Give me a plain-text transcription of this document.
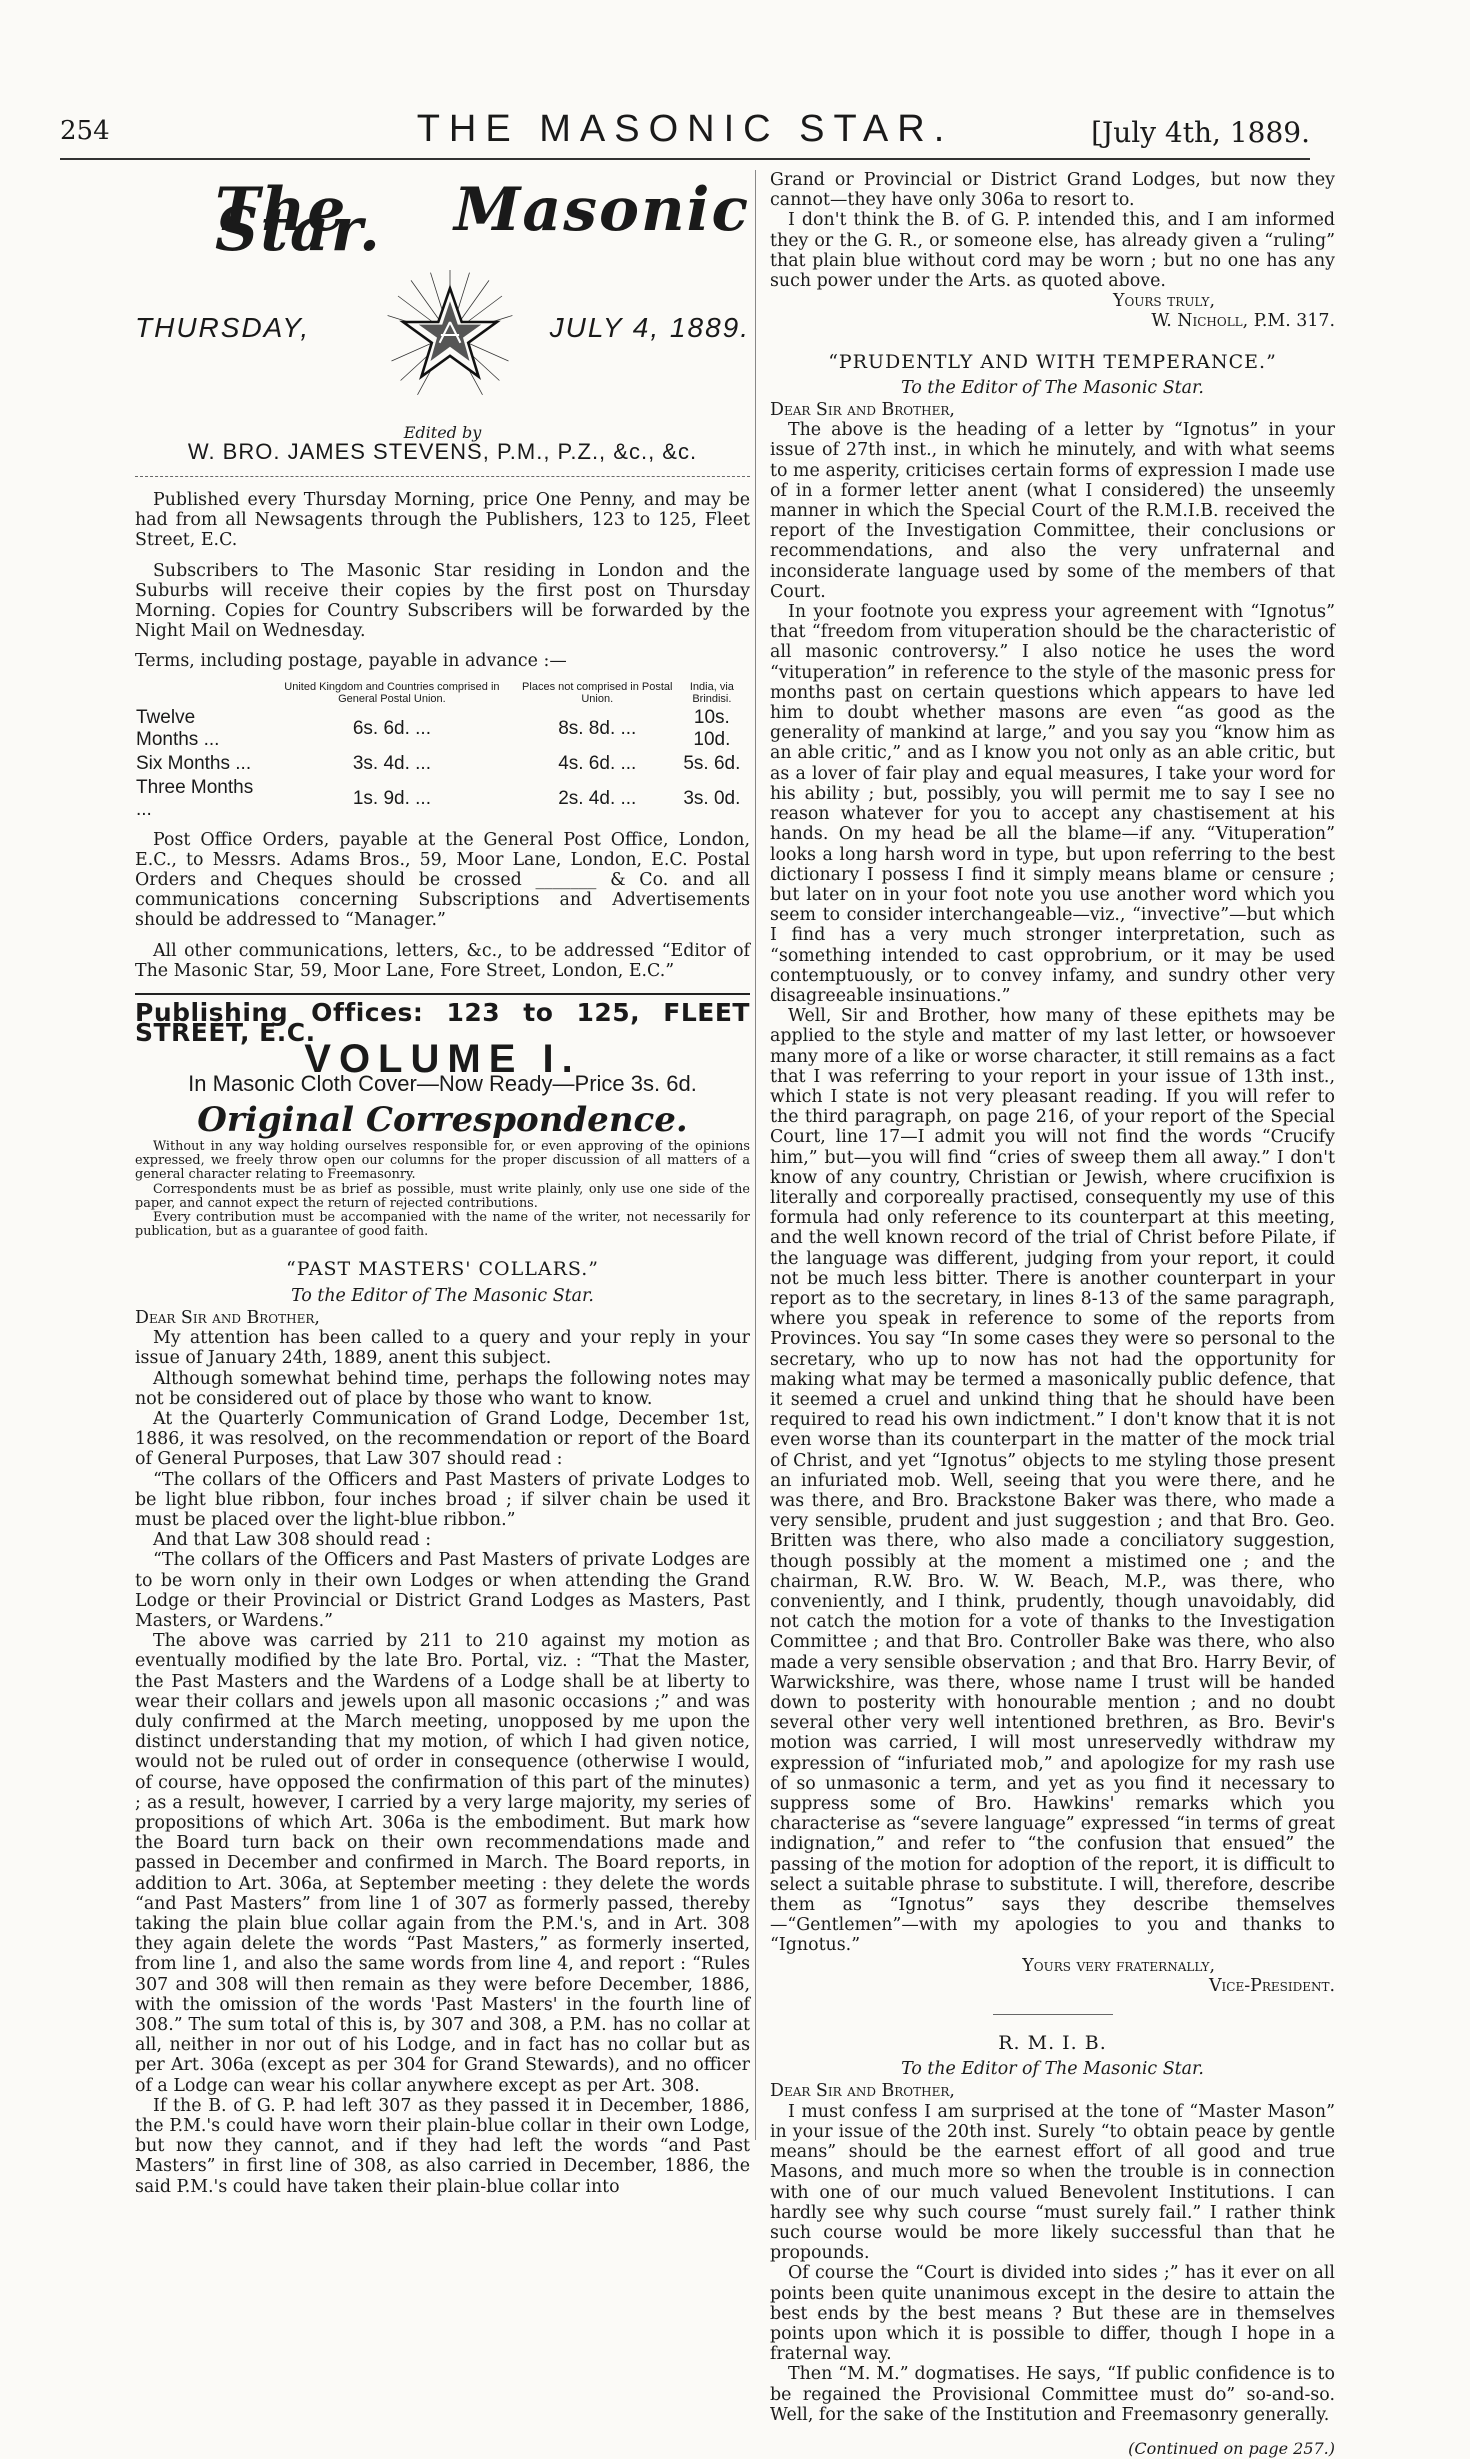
254	THE MASONIC STAR.	[July 4th, 1889.
The Masonic Star.
THURSDAY,	JULY 4, 1889.
Edited by
W. BRO. JAMES STEVENS, P.M., P.Z., &c., &c.

Published every Thursday Morning, price One Penny, and may be had from all Newsagents through the Publishers, 123 to 125, Fleet Street, E.C.

Subscribers to The Masonic Star residing in London and the Suburbs will receive their copies by the first post on Thursday Morning. Copies for Country Subscribers will be forwarded by the Night Mail on Wednesday.

Terms, including postage, payable in advance :—

	United Kingdom and Countries comprised in General Postal Union.	Places not comprised in Postal Union.	India, via Brindisi.
Twelve Months ...	6s. 6d. ...	8s. 8d. ...	10s. 10d.
Six Months ...	3s. 4d. ...	4s. 6d. ...	5s. 6d.
Three Months ...	1s. 9d. ...	2s. 4d. ...	3s. 0d.

Post Office Orders, payable at the General Post Office, London, E.C., to Messrs. Adams Bros., 59, Moor Lane, London, E.C. Postal Orders and Cheques should be crossed _______ & Co. and all communications concerning Subscriptions and Advertisements should be addressed to “Manager.”

All other communications, letters, &c., to be addressed “Editor of The Masonic Star, 59, Moor Lane, Fore Street, London, E.C.”

Publishing Offices: 123 to 125, FLEET STREET, E.C.

VOLUME I.

In Masonic Cloth Cover—Now Ready—Price 3s. 6d.

Original Correspondence.

Without in any way holding ourselves responsible for, or even approving of the opinions expressed, we freely throw open our columns for the proper discussion of all matters of a general character relating to Freemasonry.

Correspondents must be as brief as possible, must write plainly, only use one side of the paper, and cannot expect the return of rejected contributions.

Every contribution must be accompanied with the name of the writer, not necessarily for publication, but as a guarantee of good faith.

“PAST MASTERS' COLLARS.”

To the Editor of The Masonic Star.

Dear Sir and Brother,

My attention has been called to a query and your reply in your issue of January 24th, 1889, anent this subject.

Although somewhat behind time, perhaps the following notes may not be considered out of place by those who want to know.

At the Quarterly Communication of Grand Lodge, December 1st, 1886, it was resolved, on the recommendation or report of the Board of General Purposes, that Law 307 should read :

“The collars of the Officers and Past Masters of private Lodges to be light blue ribbon, four inches broad ; if silver chain be used it must be placed over the light-blue ribbon.”

And that Law 308 should read :

“The collars of the Officers and Past Masters of private Lodges are to be worn only in their own Lodges or when attending the Grand Lodge or their Provincial or District Grand Lodges as Masters, Past Masters, or Wardens.”

The above was carried by 211 to 210 against my motion as eventually modified by the late Bro. Portal, viz. : “That the Master, the Past Masters and the Wardens of a Lodge shall be at liberty to wear their collars and jewels upon all masonic occasions ;” and was duly confirmed at the March meeting, unopposed by me upon the distinct understanding that my motion, of which I had given notice, would not be ruled out of order in consequence (otherwise I would, of course, have opposed the confirmation of this part of the minutes) ; as a result, however, I carried by a very large majority, my series of propositions of which Art. 306a is the embodiment. But mark how the Board turn back on their own recommendations made and passed in December and confirmed in March. The Board reports, in addition to Art. 306a, at September meeting : they delete the words “and Past Masters” from line 1 of 307 as formerly passed, thereby taking the plain blue collar again from the P.M.'s, and in Art. 308 they again delete the words “Past Masters,” as formerly inserted, from line 1, and also the same words from line 4, and report : “Rules 307 and 308 will then remain as they were before December, 1886, with the omission of the words 'Past Masters' in the fourth line of 308.” The sum total of this is, by 307 and 308, a P.M. has no collar at all, neither in nor out of his Lodge, and in fact has no collar but as per Art. 306a (except as per 304 for Grand Stewards), and no officer of a Lodge can wear his collar anywhere except as per Art. 308.

If the B. of G. P. had left 307 as they passed it in December, 1886, the P.M.'s could have worn their plain-blue collar in their own Lodge, but now they cannot, and if they had left the words “and Past Masters” in first line of 308, as also carried in December, 1886, the said P.M.'s could have taken their plain-blue collar into

Grand or Provincial or District Grand Lodges, but now they cannot—they have only 306a to resort to.

I don't think the B. of G. P. intended this, and I am informed they or the G. R., or someone else, has already given a “ruling” that plain blue without cord may be worn ; but no one has any such power under the Arts. as quoted above.

Yours truly,

W. Nicholl, P.M. 317.

“PRUDENTLY AND WITH TEMPERANCE.”

To the Editor of The Masonic Star.

Dear Sir and Brother,

The above is the heading of a letter by “Ignotus” in your issue of 27th inst., in which he minutely, and with what seems to me asperity, criticises certain forms of expression I made use of in a former letter anent (what I considered) the unseemly manner in which the Special Court of the R.M.I.B. received the report of the Investigation Committee, their conclusions or recommendations, and also the very unfraternal and inconsiderate language used by some of the members of that Court.

In your footnote you express your agreement with “Ignotus” that “freedom from vituperation should be the characteristic of all masonic controversy.” I also notice he uses the word “vituperation” in reference to the style of the masonic press for months past on certain questions which appears to have led him to doubt whether masons are even “as good as the generality of mankind at large,” and you say you “know him as an able critic,” and as I know you not only as an able critic, but as a lover of fair play and equal measures, I take your word for his ability ; but, possibly, you will permit me to say I see no reason whatever for you to accept any chastisement at his hands. On my head be all the blame—if any. “Vituperation” looks a long harsh word in type, but upon referring to the best dictionary I possess I find it simply means blame or censure ; but later on in your foot note you use another word which you seem to consider interchangeable—viz., “invective”—but which I find has a very much stronger interpretation, such as “something intended to cast opprobrium, or it may be used contemptuously, or to convey infamy, and sundry other very disagreeable insinuations.”

Well, Sir and Brother, how many of these epithets may be applied to the style and matter of my last letter, or howsoever many more of a like or worse character, it still remains as a fact that I was referring to your report in your issue of 13th inst., which I state is not very pleasant reading. If you will refer to the third paragraph, on page 216, of your report of the Special Court, line 17—I admit you will not find the words “Crucify him,” but—you will find “cries of sweep them all away.” I don't know of any country, Christian or Jewish, where crucifixion is literally and corporeally practised, consequently my use of this formula had only reference to its counterpart at this meeting, and the well known record of the trial of Christ before Pilate, if the language was different, judging from your report, it could not be much less bitter. There is another counterpart in your report as to the secretary, in lines 8-13 of the same paragraph, where you speak in reference to some of the reports from Provinces. You say “In some cases they were so personal to the secretary, who up to now has not had the opportunity for making what may be termed a masonically public defence, that it seemed a cruel and unkind thing that he should have been required to read his own indictment.” I don't know that it is not even worse than its counterpart in the matter of the mock trial of Christ, and yet “Ignotus” objects to me styling those present an infuriated mob. Well, seeing that you were there, and he was there, and Bro. Brackstone Baker was there, who made a very sensible, prudent and just suggestion ; and that Bro. Geo. Britten was there, who also made a conciliatory suggestion, though possibly at the moment a mistimed one ; and the chairman, R.W. Bro. W. W. Beach, M.P., was there, who conveniently, and I think, prudently, though unavoidably, did not catch the motion for a vote of thanks to the Investigation Committee ; and that Bro. Controller Bake was there, who also made a very sensible observation ; and that Bro. Harry Bevir, of Warwickshire, was there, whose name I trust will be handed down to posterity with honourable mention ; and no doubt several other very well intentioned brethren, as Bro. Bevir's motion was carried, I will most unreservedly withdraw my expression of “infuriated mob,” and apologize for my rash use of so unmasonic a term, and yet as you find it necessary to suppress some of Bro. Hawkins' remarks which you characterise as “severe language” expressed “in terms of great indignation,” and refer to “the confusion that ensued” the passing of the motion for adoption of the report, it is difficult to select a suitable phrase to substitute. I will, therefore, describe them as “Ignotus” says they describe themselves—“Gentlemen”—with my apologies to you and thanks to “Ignotus.”

Yours very fraternally,

Vice-President.

R. M. I. B.

To the Editor of The Masonic Star.

Dear Sir and Brother,

I must confess I am surprised at the tone of “Master Mason” in your issue of the 20th inst. Surely “to obtain peace by gentle means” should be the earnest effort of all good and true Masons, and much more so when the trouble is in connection with one of our much valued Benevolent Institutions. I can hardly see why such course “must surely fail.” I rather think such course would be more likely successful than that he propounds.

Of course the “Court is divided into sides ;” has it ever on all points been quite unanimous except in the desire to attain the best ends by the best means ? But these are in themselves points upon which it is possible to differ, though I hope in a fraternal way.

Then “M. M.” dogmatises. He says, “If public confidence is to be regained the Provisional Committee must do” so-and-so. Well, for the sake of the Institution and Freemasonry generally.

(Continued on page 257.)
